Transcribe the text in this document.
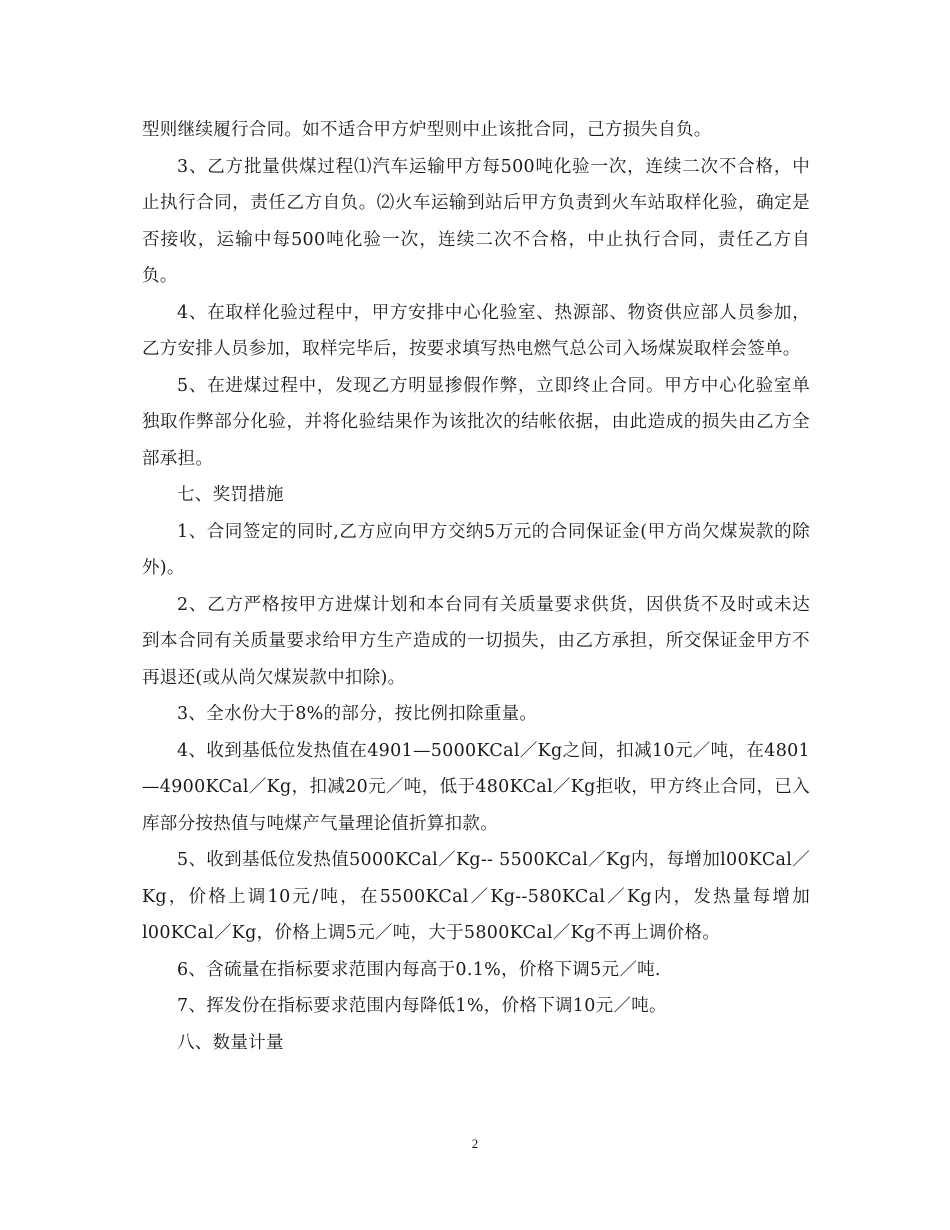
型则继续履行合同。如不适合甲方炉型则中止该批合同，己方损失自负。

3、乙方批量供煤过程⑴汽车运输甲方每500吨化验一次，连续二次不合格，中止执行合同，责任乙方自负。⑵火车运输到站后甲方负责到火车站取样化验，确定是否接收，运输中每500吨化验一次，连续二次不合格，中止执行合同，责任乙方自负。

4、在取样化验过程中，甲方安排中心化验室、热源部、物资供应部人员参加，乙方安排人员参加，取样完毕后，按要求填写热电燃气总公司入场煤炭取样会签单。

5、在进煤过程中，发现乙方明显掺假作弊，立即终止合同。甲方中心化验室单独取作弊部分化验，并将化验结果作为该批次的结帐依据，由此造成的损失由乙方全部承担。

七、奖罚措施

1、合同签定的同时,乙方应向甲方交纳5万元的合同保证金(甲方尚欠煤炭款的除外)。

2、乙方严格按甲方进煤计划和本台同有关质量要求供货，因供货不及时或未达到本合同有关质量要求给甲方生产造成的一切损失，由乙方承担，所交保证金甲方不再退还(或从尚欠煤炭款中扣除)。

3、全水份大于8%的部分，按比例扣除重量。

4、收到基低位发热值在4901—5000KCal／Kg之间，扣减10元／吨，在4801—4900KCal／Kg，扣减20元／吨，低于480KCal／Kg拒收，甲方终止合同，已入库部分按热值与吨煤产气量理论值折算扣款。

5、收到基低位发热值5000KCal／Kg-- 5500KCal／Kg内，每增加l00KCal／Kg，价格上调10元/吨，在5500KCal／Kg--580KCal／Kg内，发热量每增加l00KCal／Kg，价格上调5元／吨，大于5800KCal／Kg不再上调价格。

6、含硫量在指标要求范围内每高于0.1%，价格下调5元／吨.

7、挥发份在指标要求范围内每降低1%，价格下调10元／吨。

八、数量计量

2
